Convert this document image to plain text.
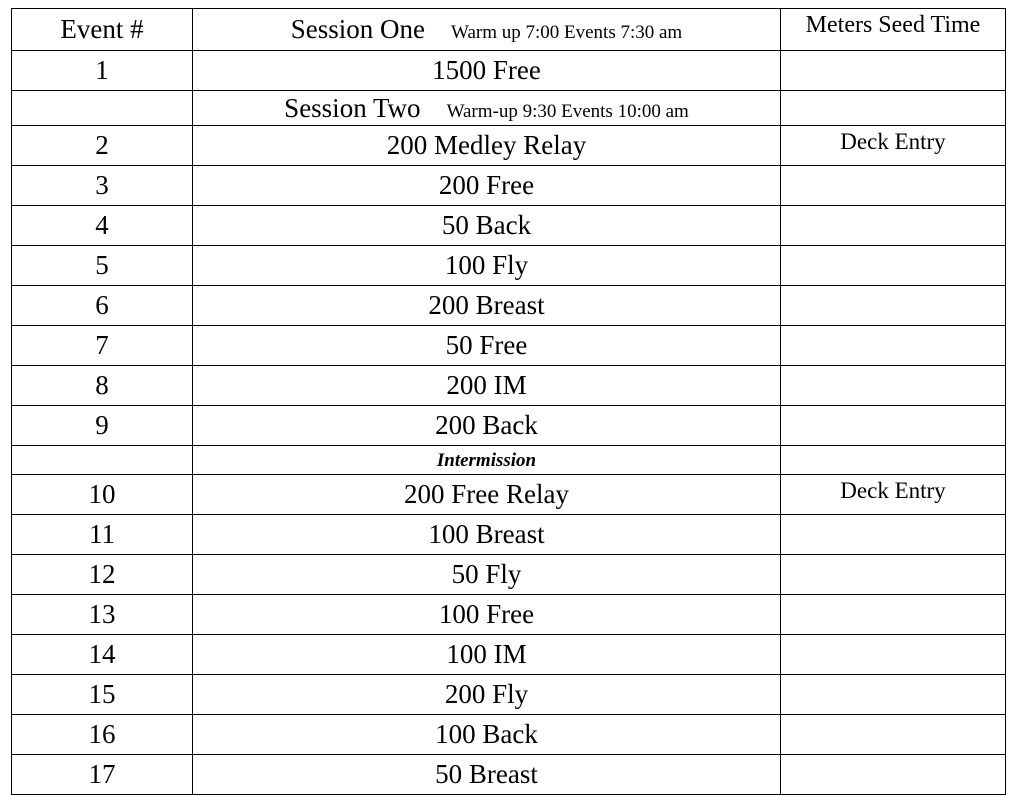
Event #	Session One Warm up 7:00 Events 7:30 am	Meters Seed Time
1	1500 Free	
	Session Two Warm-up 9:30 Events 10:00 am	
2	200 Medley Relay	Deck Entry
3	200 Free	
4	50 Back	
5	100 Fly	
6	200 Breast	
7	50 Free	
8	200 IM	
9	200 Back	
	Intermission	
10	200 Free Relay	Deck Entry
11	100 Breast	
12	50 Fly	
13	100 Free	
14	100 IM	
15	200 Fly	
16	100 Back	
17	50 Breast	
